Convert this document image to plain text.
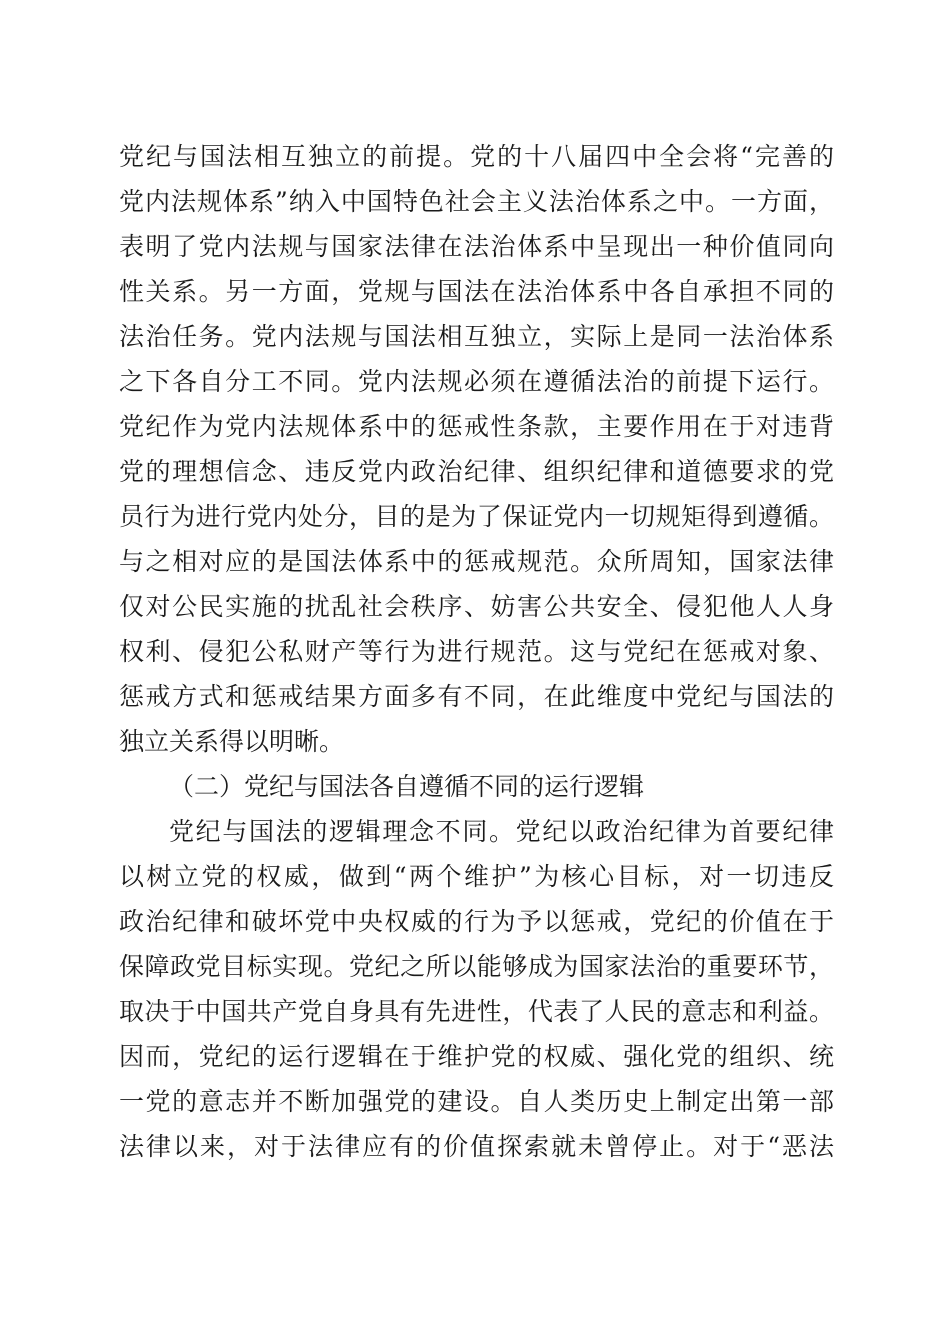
党纪与国法相互独立的前提。党的十八届四中全会将“完善的
党内法规体系”纳入中国特色社会主义法治体系之中。一方面，
表明了党内法规与国家法律在法治体系中呈现出一种价值同向
性关系。另一方面，党规与国法在法治体系中各自承担不同的
法治任务。党内法规与国法相互独立，实际上是同一法治体系
之下各自分工不同。党内法规必须在遵循法治的前提下运行。
党纪作为党内法规体系中的惩戒性条款，主要作用在于对违背
党的理想信念、违反党内政治纪律、组织纪律和道德要求的党
员行为进行党内处分，目的是为了保证党内一切规矩得到遵循。
与之相对应的是国法体系中的惩戒规范。众所周知，国家法律
仅对公民实施的扰乱社会秩序、妨害公共安全、侵犯他人人身
权利、侵犯公私财产等行为进行规范。这与党纪在惩戒对象、
惩戒方式和惩戒结果方面多有不同，在此维度中党纪与国法的
独立关系得以明晰。
（二）党纪与国法各自遵循不同的运行逻辑
党纪与国法的逻辑理念不同。党纪以政治纪律为首要纪律
以树立党的权威，做到“两个维护”为核心目标，对一切违反
政治纪律和破坏党中央权威的行为予以惩戒，党纪的价值在于
保障政党目标实现。党纪之所以能够成为国家法治的重要环节，
取决于中国共产党自身具有先进性，代表了人民的意志和利益。
因而，党纪的运行逻辑在于维护党的权威、强化党的组织、统
一党的意志并不断加强党的建设。自人类历史上制定出第一部
法律以来，对于法律应有的价值探索就未曾停止。对于“恶法
